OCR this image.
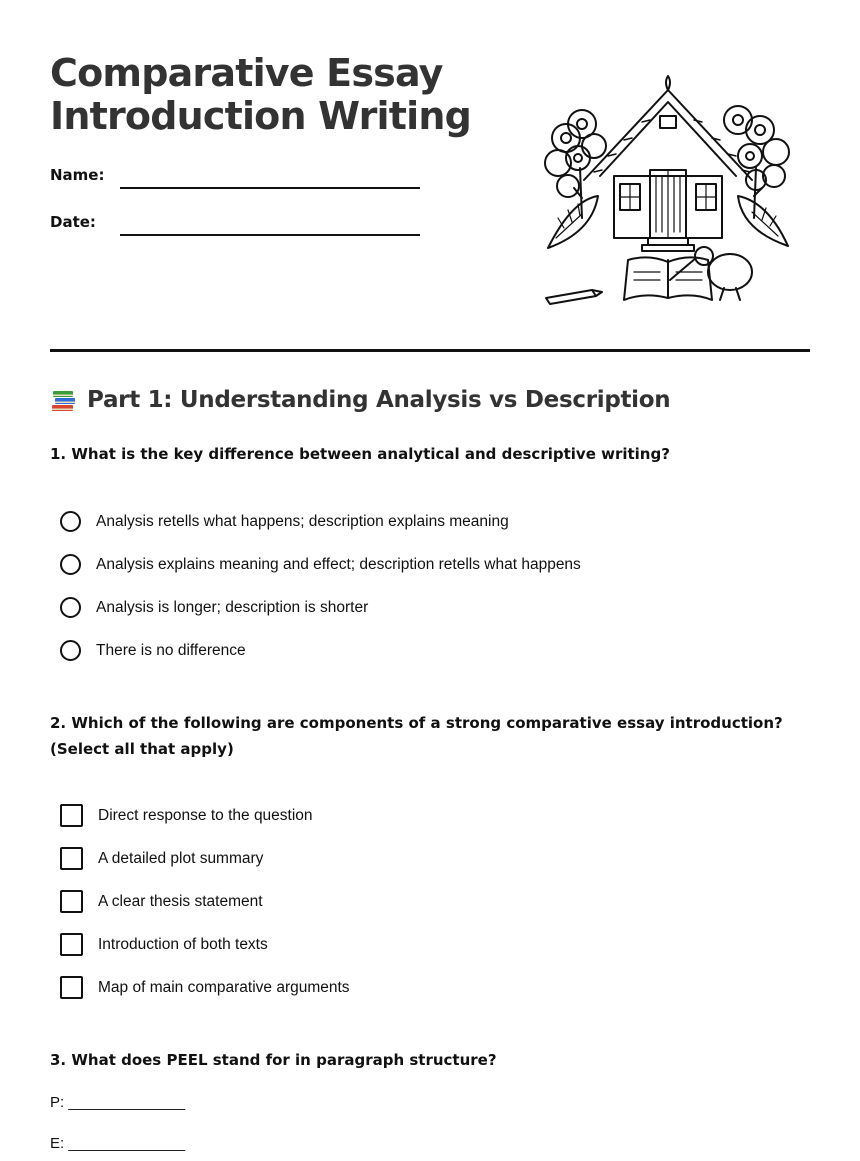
Comparative Essay
Introduction Writing
Name:
Date:
Part 1: Understanding Analysis vs Description

1. What is the key difference between analytical and descriptive writing?

Analysis retells what happens; description explains meaning
Analysis explains meaning and effect; description retells what happens
Analysis is longer; description is shorter
There is no difference

2. Which of the following are components of a strong comparative essay introduction? (Select all that apply)

Direct response to the question
A detailed plot summary
A clear thesis statement
Introduction of both texts
Map of main comparative arguments

3. What does PEEL stand for in paragraph structure?

P: ______________
E: ______________
